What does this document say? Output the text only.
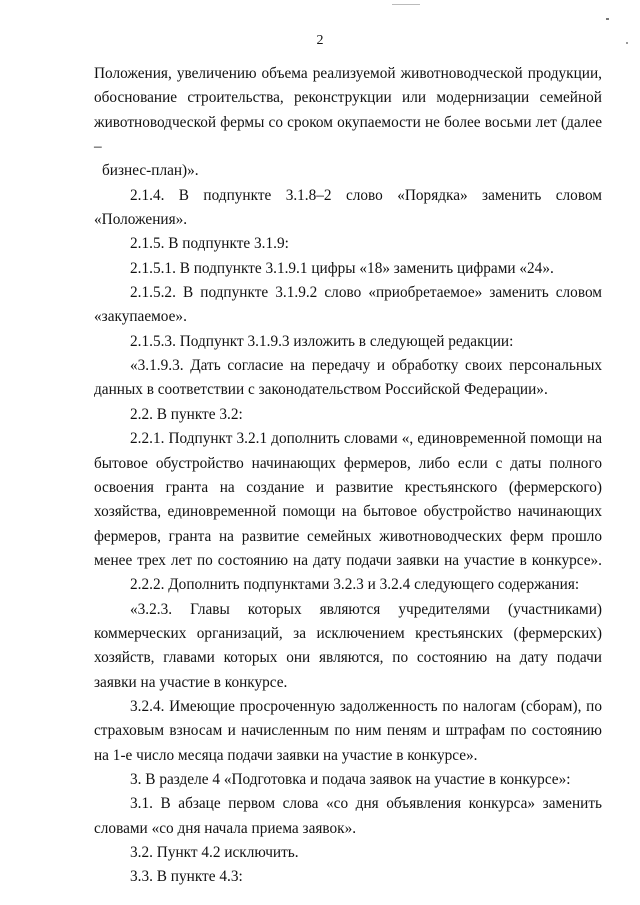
2

Положения, увеличению объема реализуемой животноводческой продукции,

обоснование строительства, реконструкции или модернизации семейной

животноводческой фермы со сроком окупаемости не более восьми лет (далее –

бизнес-план)».

2.1.4. В подпункте 3.1.8–2 слово «Порядка» заменить словом «Положения».

2.1.5. В подпункте 3.1.9:

2.1.5.1. В подпункте 3.1.9.1 цифры «18» заменить цифрами «24».

2.1.5.2. В подпункте 3.1.9.2 слово «приобретаемое» заменить словом

«закупаемое».

2.1.5.3. Подпункт 3.1.9.3 изложить в следующей редакции:

«3.1.9.3. Дать согласие на передачу и обработку своих персональных

данных в соответствии с законодательством Российской Федерации».

2.2. В пункте 3.2:

2.2.1. Подпункт 3.2.1 дополнить словами «, единовременной помощи на

бытовое обустройство начинающих фермеров, либо если с даты полного

освоения гранта на создание и развитие крестьянского (фермерского)

хозяйства, единовременной помощи на бытовое обустройство начинающих

фермеров, гранта на развитие семейных животноводческих ферм прошло

менее трех лет по состоянию на дату подачи заявки на участие в конкурсе».

2.2.2. Дополнить подпунктами 3.2.3 и 3.2.4 следующего содержания:

«3.2.3. Главы которых являются учредителями (участниками)

коммерческих организаций, за исключением крестьянских (фермерских)

хозяйств, главами которых они являются, по состоянию на дату подачи

заявки на участие в конкурсе.

3.2.4. Имеющие просроченную задолженность по налогам (сборам), по

страховым взносам и начисленным по ним пеням и штрафам по состоянию

на 1-е число месяца подачи заявки на участие в конкурсе».

3. В разделе 4 «Подготовка и подача заявок на участие в конкурсе»:

3.1. В абзаце первом слова «со дня объявления конкурса» заменить

словами «со дня начала приема заявок».

3.2. Пункт 4.2 исключить.

3.3. В пункте 4.3:
